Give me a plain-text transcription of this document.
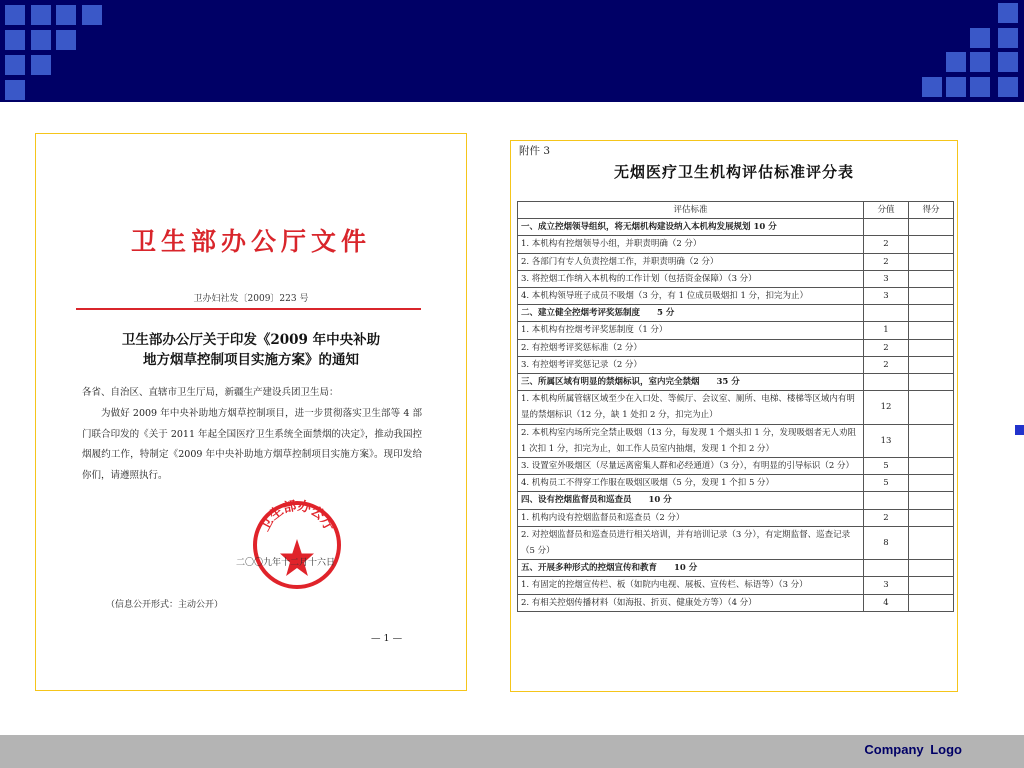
卫生部办公厅文件
卫办妇社发〔2009〕223 号
卫生部办公厅关于印发《2009 年中央补助
地方烟草控制项目实施方案》的通知
各省、自治区、直辖市卫生厅局，新疆生产建设兵团卫生局：
为做好 2009 年中央补助地方烟草控制项目，进一步贯彻落实卫生部等 4 部门联合印发的《关于 2011 年起全国医疗卫生系统全面禁烟的决定》，推动我国控烟履约工作，特制定《2009 年中央补助地方烟草控制项目实施方案》。现印发给你们，请遵照执行。
卫生部办公厅
二〇〇九年十二月十六日
（信息公开形式：主动公开）
— 1 —
附件 3
无烟医疗卫生机构评估标准评分表
评估标准	分值	得分
一、成立控烟领导组织，将无烟机构建设纳入本机构发展规划 10 分		
1. 本机构有控烟领导小组，并职责明确（2 分）	2	
2. 各部门有专人负责控烟工作，并职责明确（2 分）	2	
3. 将控烟工作纳入本机构的工作计划（包括资金保障）（3 分）	3	
4. 本机构领导班子成员不吸烟（3 分，有 1 位成员吸烟扣 1 分，扣完为止）	3	
二、建立健全控烟考评奖惩制度　　5 分		
1. 本机构有控烟考评奖惩制度（1 分）	1	
2. 有控烟考评奖惩标准（2 分）	2	
3. 有控烟考评奖惩记录（2 分）	2	
三、所属区域有明显的禁烟标识，室内完全禁烟　　35 分		
1. 本机构所属管辖区域至少在入口处、等候厅、会议室、厕所、电梯、楼梯等区域内有明显的禁烟标识（12 分，缺 1 处扣 2 分，扣完为止）	12	
2. 本机构室内场所完全禁止吸烟（13 分，每发现 1 个烟头扣 1 分，发现吸烟者无人劝阻 1 次扣 1 分，扣完为止，如工作人员室内抽烟，发现 1 个扣 2 分）	13	
3. 设置室外吸烟区（尽量远离密集人群和必经通道）（3 分），有明显的引导标识（2 分）	5	
4. 机构员工不得穿工作服在吸烟区吸烟（5 分，发现 1 个扣 5 分）	5	
四、设有控烟监督员和巡查员　　10 分		
1. 机构内设有控烟监督员和巡查员（2 分）	2	
2. 对控烟监督员和巡查员进行相关培训，并有培训记录（3 分），有定期监督、巡查记录（5 分）	8	
五、开展多种形式的控烟宣传和教育　　10 分		
1. 有固定的控烟宣传栏、板（如院内电视、展板、宣传栏、标语等）（3 分）	3	
2. 有相关控烟传播材料（如海报、折页、健康处方等）（4 分）	4	
Company Logo
